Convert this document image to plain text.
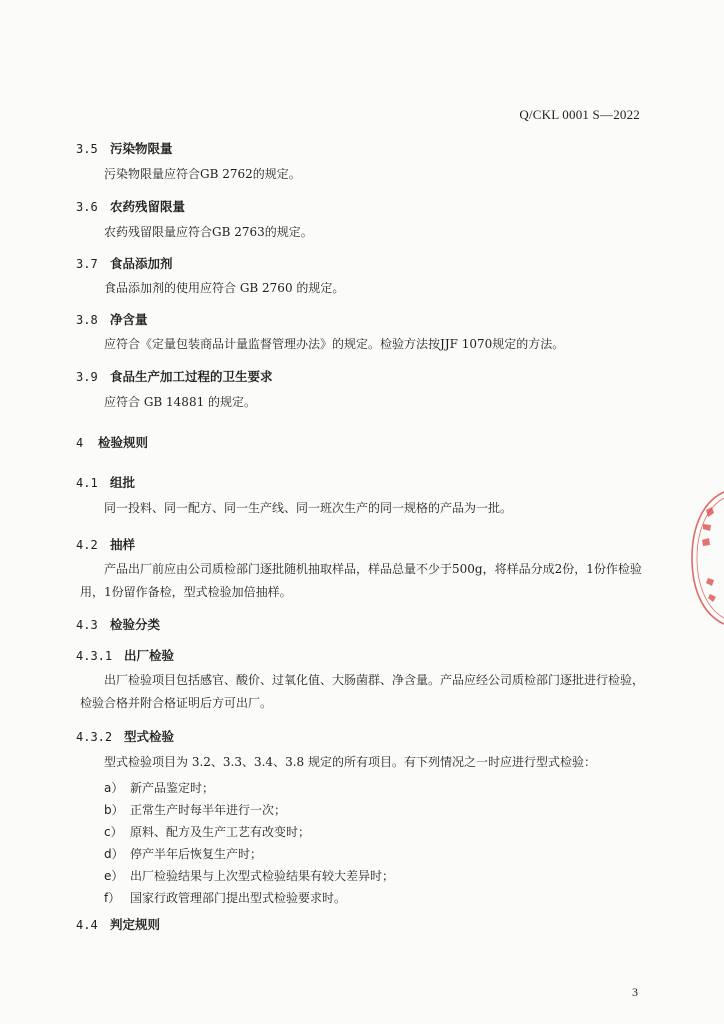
Q/CKL 0001 S—2022
3.5 污染物限量
污染物限量应符合GB 2762的规定。
3.6 农药残留限量
农药残留限量应符合GB 2763的规定。
3.7 食品添加剂
食品添加剂的使用应符合 GB 2760 的规定。
3.8 净含量
应符合《定量包装商品计量监督管理办法》的规定。检验方法按JJF 1070规定的方法。
3.9 食品生产加工过程的卫生要求
应符合 GB 14881 的规定。
4 检验规则
4.1 组批
同一投料、同一配方、同一生产线、同一班次生产的同一规格的产品为一批。
4.2 抽样
产品出厂前应由公司质检部门逐批随机抽取样品，样品总量不少于500g，将样品分成2份，1份作检验用，1份留作备检，型式检验加倍抽样。
4.3 检验分类
4.3.1 出厂检验
出厂检验项目包括感官、酸价、过氧化值、大肠菌群、净含量。产品应经公司质检部门逐批进行检验，检验合格并附合格证明后方可出厂。
4.3.2 型式检验
型式检验项目为 3.2、3.3、3.4、3.8 规定的所有项目。有下列情况之一时应进行型式检验：
a） 新产品鉴定时；
b） 正常生产时每半年进行一次；
c） 原料、配方及生产工艺有改变时；
d） 停产半年后恢复生产时；
e） 出厂检验结果与上次型式检验结果有较大差异时；
f） 国家行政管理部门提出型式检验要求时。
4.4 判定规则
3
